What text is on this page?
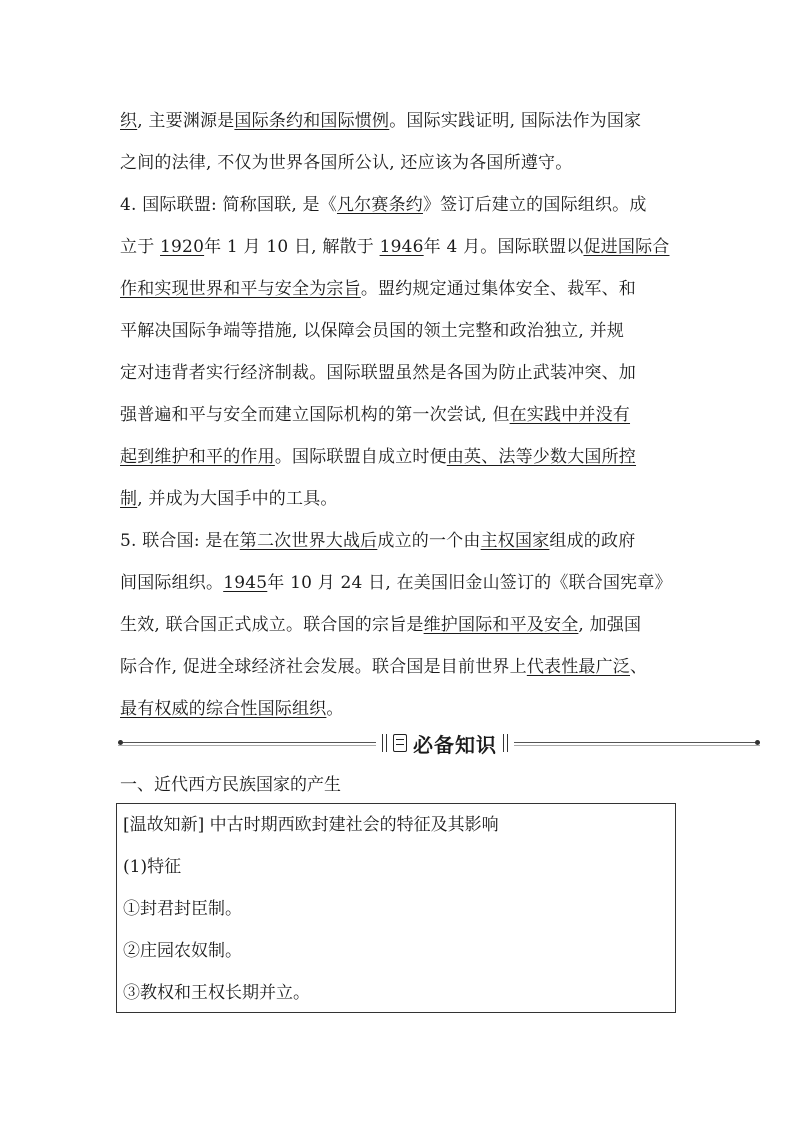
织, 主要渊源是国际条约和国际惯例。国际实践证明, 国际法作为国家
之间的法律, 不仅为世界各国所公认, 还应该为各国所遵守。
4. 国际联盟: 简称国联, 是《凡尔赛条约》签订后建立的国际组织。成
立于 1920年 1 月 10 日, 解散于 1946年 4 月。国际联盟以促进国际合
作和实现世界和平与安全为宗旨。盟约规定通过集体安全、裁军、和
平解决国际争端等措施, 以保障会员国的领土完整和政治独立, 并规
定对违背者实行经济制裁。国际联盟虽然是各国为防止武装冲突、加
强普遍和平与安全而建立国际机构的第一次尝试, 但在实践中并没有
起到维护和平的作用。国际联盟自成立时便由英、法等少数大国所控
制, 并成为大国手中的工具。
5. 联合国: 是在第二次世界大战后成立的一个由主权国家组成的政府
间国际组织。1945年 10 月 24 日, 在美国旧金山签订的《联合国宪章》
生效, 联合国正式成立。联合国的宗旨是维护国际和平及安全, 加强国
际合作, 促进全球经济社会发展。联合国是目前世界上代表性最广泛、
最有权威的综合性国际组织。
必备知识
一、近代西方民族国家的产生
[温故知新] 中古时期西欧封建社会的特征及其影响
(1)特征
①封君封臣制。
②庄园农奴制。
③教权和王权长期并立。
